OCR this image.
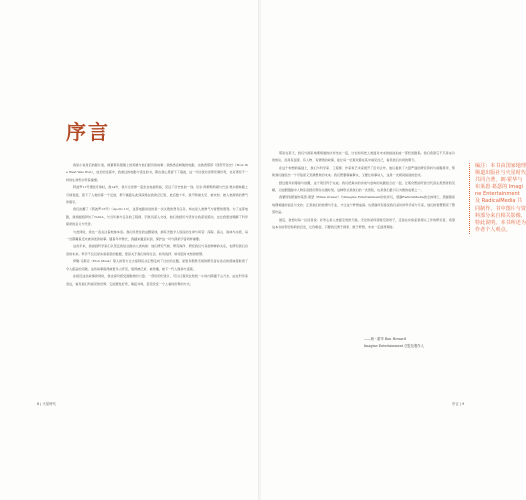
序言

我是小说背后的影片迷，倾慕那些银幕上的英雄与他们经历的故事；我熟悉宫崎骏的电影，也熟悉那部《西部开拓史》（How the West Was Won），成长的过程中，我看过的电影与读过的书，都在我心里留下了痕迹，这一切让我对世界充满好奇，也对那些不一样的生命形态怀着憧憬。

阿波罗11号登陆月球时，我14岁，我与全世界一起坐在电视机前，见证了历史性的一刻。尼尔·阿姆斯特朗与巴兹·奥尔德林踏上月球表面，留下了人类的第一个足迹，那个画面从此深深烙在我的记忆里，此后数十年，我不断被太空、被未知、被人类探索的勇气所吸引。

我们拍摄了《阿波罗13号》（Apollo 13），这部电影讲述的是一次失败的登月任务，却也是人类勇气与智慧的胜利。为了这部电影，我和剧组拜访了NASA，与当年参与任务的工程师、宇航员深入交谈，他们的经历与坚持让我深受感动，也让我更加理解了科学探索的意义与代价。

与此同时，我也一直关注着地球本身。我们所居住的这颗星球，拥有无数令人惊叹的生命与风景：深海、高山、雨林与冰原，每一处都藏着还未被讲述的故事。随着年岁渐长，我越来越意识到，保护这一切与探索宇宙同样重要。

这些年来，我看到科学家们以坚定的信念推动人类向前：他们研究气候、研究海洋、研究我们与其他物种的关系，也研究我们自身的未来。科学不仅仅是实验室里的数据，更是关于我们如何生活、如何选择、如何面对未知的智慧。

伊隆·马斯克（Elon Musk）等人的努力让火星移民从幻想走向了讨论的议题，而更多默默无闻的研究者在各自的领域里取得了令人振奋的突破。这些故事值得被更多人听见，值得被记录、被传播，被下一代人继承与延续。

在接近这些故事的同时，我也深切感受到影像的力量。一部好的纪录片，可以让观众在短短一小时内跨越千山万水，站在科学家身边，看见他们所看见的世界；它能激发好奇，唤起共鸣，甚至改变一个人看待世界的方式。

8 | 火星時代

那是在某天，我们与国家地理频道的伙伴坐在一起，讨论如何把人类面对未来的挑战拍成一部纪录剧集。我们希望它不只是冰冷的知识，而是有温度、有人物、有情感的故事，能让每一位观众都在其中看见自己，看见我们共同的明天。

在这个构想的基础上，我们与科学家、工程师、作家和艺术家展开了密切合作，他们提供了大量严谨的研究资料与前瞻思考，帮助我们描绘出一个可信而又充满想象的未来。我们既要尊重事实，又要让故事动人，这是一次极具挑战的尝试。

经过数年的筹备与拍摄，这个项目终于完成。我们把真实的访谈与虚构的戏剧结合在一起，让观众既能听到当代顶尖思想者的见解，又能跟随剧中人物亲身经历那些关键时刻。这种形式是我们的一次冒险，也是我们最引以为傲的成果之一。

我要特别感谢布莱恩·葛瑟（Brian Grazer）与Imagine Entertainment的伙伴们，感谢RadicalMedia的全体同仁，感谢国家地理频道的信任与支持；正是他们的热情与专业，才让这个梦想成真。也感谢所有接受我们采访的科学家与专家，他们的智慧照亮了整部作品。

最后，我想对每一位读者说：好奇心是人类最宝贵的天赋。无论你是仰望星空的孩子，还是在实验室里埋头工作的研究者，希望这本书能带给你新的启发，让你相信，只要我们勇于探索、敢于梦想，未来一定值得期待。

——朗・霍华 Ron Howard
Imagine Entertainment 总監及製作人
编注：本书由国家地理频道出版社与火星时代共同合著，朗·霍华与布莱恩·葛瑟的 Imagine Entertainment 及 RadicalMedia 共同制作，书中图片与资料部分来自相关影像，特此说明。本书所述为作者个人观点。
序言 | 9
